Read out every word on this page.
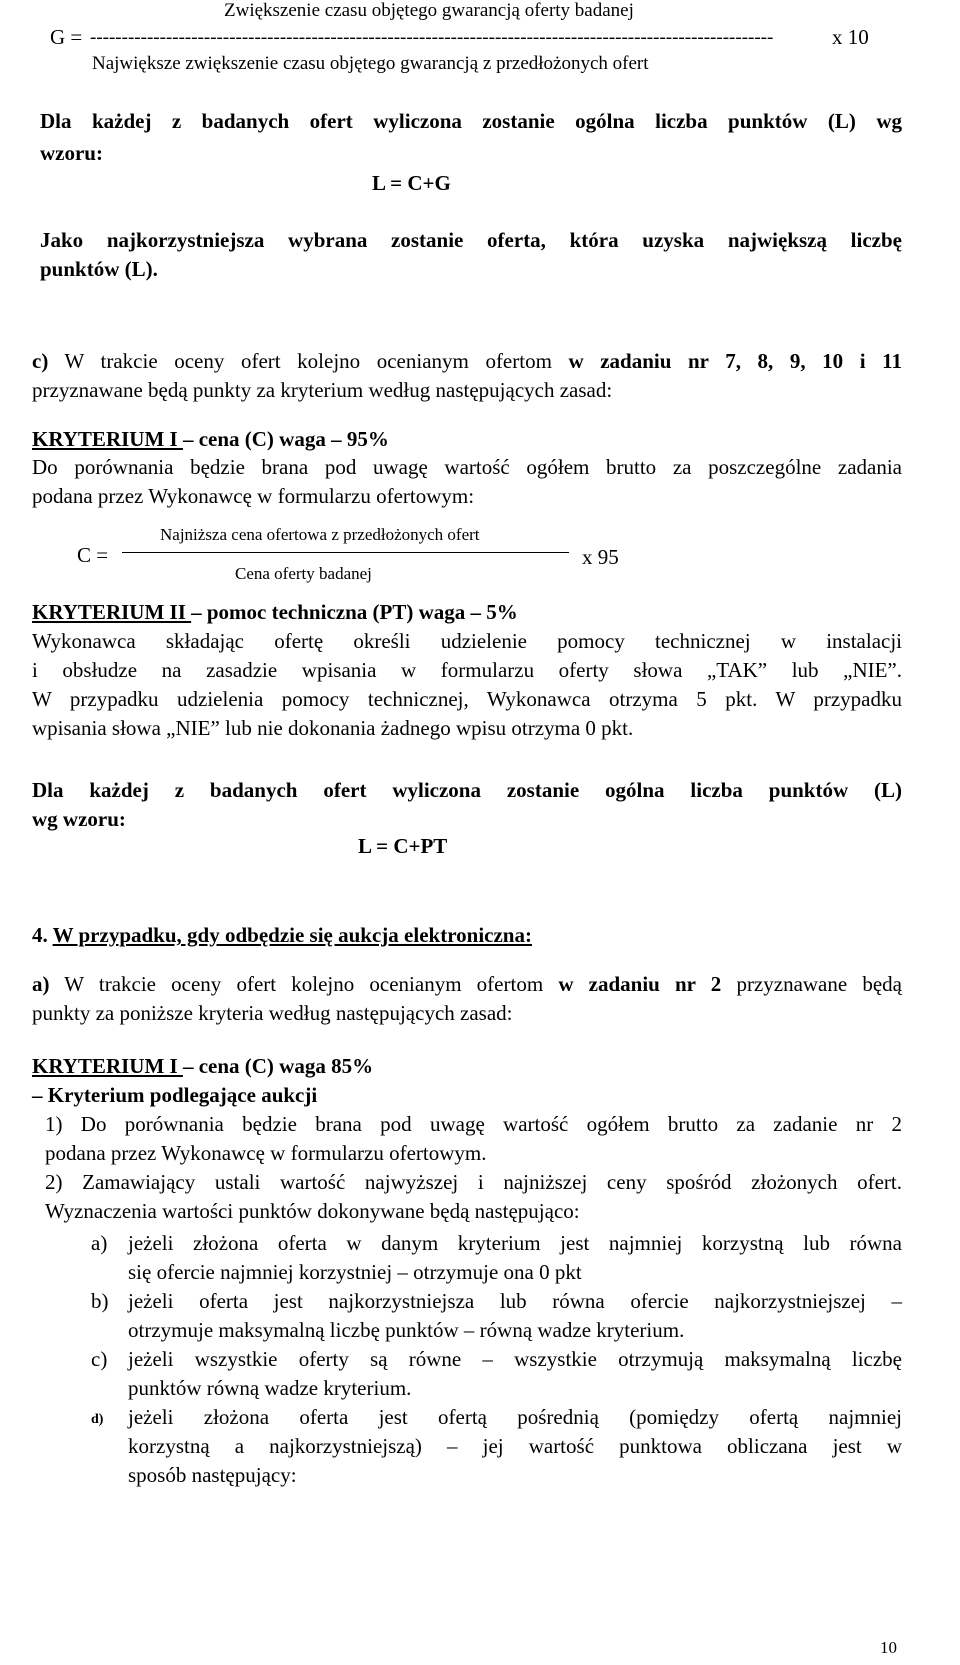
Zwiększenie czasu objętego gwarancją oferty badanej
G = ------------------------------------------------------------------------------------------------------------	x 10
Największe zwiększenie czasu objętego gwarancją z przedłożonych ofert
Dla każdej z badanych ofert wyliczona zostanie ogólna liczba punktów (L) wg
wzoru:
L = C+G
Jako najkorzystniejsza wybrana zostanie oferta, która uzyska największą liczbę
punktów (L).
c) W trakcie oceny ofert kolejno ocenianym ofertom w zadaniu nr 7, 8, 9, 10 i 11
przyznawane będą punkty za kryterium według następujących zasad:
KRYTERIUM I – cena (C) waga – 95%
Do porównania będzie brana pod uwagę wartość ogółem brutto za poszczególne zadania
podana przez Wykonawcę w formularzu ofertowym:
Najniższa cena ofertowa z przedłożonych ofert
C =	x 95
Cena oferty badanej
KRYTERIUM II – pomoc techniczna (PT) waga – 5%
Wykonawca składając ofertę określi udzielenie pomocy technicznej w instalacji
i obsłudze na zasadzie wpisania w formularzu oferty słowa „TAK” lub „NIE”.
W przypadku udzielenia pomocy technicznej, Wykonawca otrzyma 5 pkt. W przypadku
wpisania słowa „NIE” lub nie dokonania żadnego wpisu otrzyma 0 pkt.
Dla każdej z badanych ofert wyliczona zostanie ogólna liczba punktów (L)
wg wzoru:
L = C+PT
4. W przypadku, gdy odbędzie się aukcja elektroniczna:
a) W trakcie oceny ofert kolejno ocenianym ofertom w zadaniu nr 2 przyznawane będą
punkty za poniższe kryteria według następujących zasad:
KRYTERIUM I – cena (C) waga 85%
– Kryterium podlegające aukcji
1) Do porównania będzie brana pod uwagę wartość ogółem brutto za zadanie nr 2
podana przez Wykonawcę w formularzu ofertowym.
2) Zamawiający ustali wartość najwyższej i najniższej ceny spośród złożonych ofert.
Wyznaczenia wartości punktów dokonywane będą następująco:
a) jeżeli złożona oferta w danym kryterium jest najmniej korzystną lub równa
się ofercie najmniej korzystniej – otrzymuje ona 0 pkt
b) jeżeli oferta jest najkorzystniejsza lub równa ofercie najkorzystniejszej –
otrzymuje maksymalną liczbę punktów – równą wadze kryterium.
c) jeżeli wszystkie oferty są równe – wszystkie otrzymują maksymalną liczbę
punktów równą wadze kryterium.
d) jeżeli złożona oferta jest ofertą pośrednią (pomiędzy ofertą najmniej
korzystną a najkorzystniejszą) – jej wartość punktowa obliczana jest w
sposób następujący:
10
